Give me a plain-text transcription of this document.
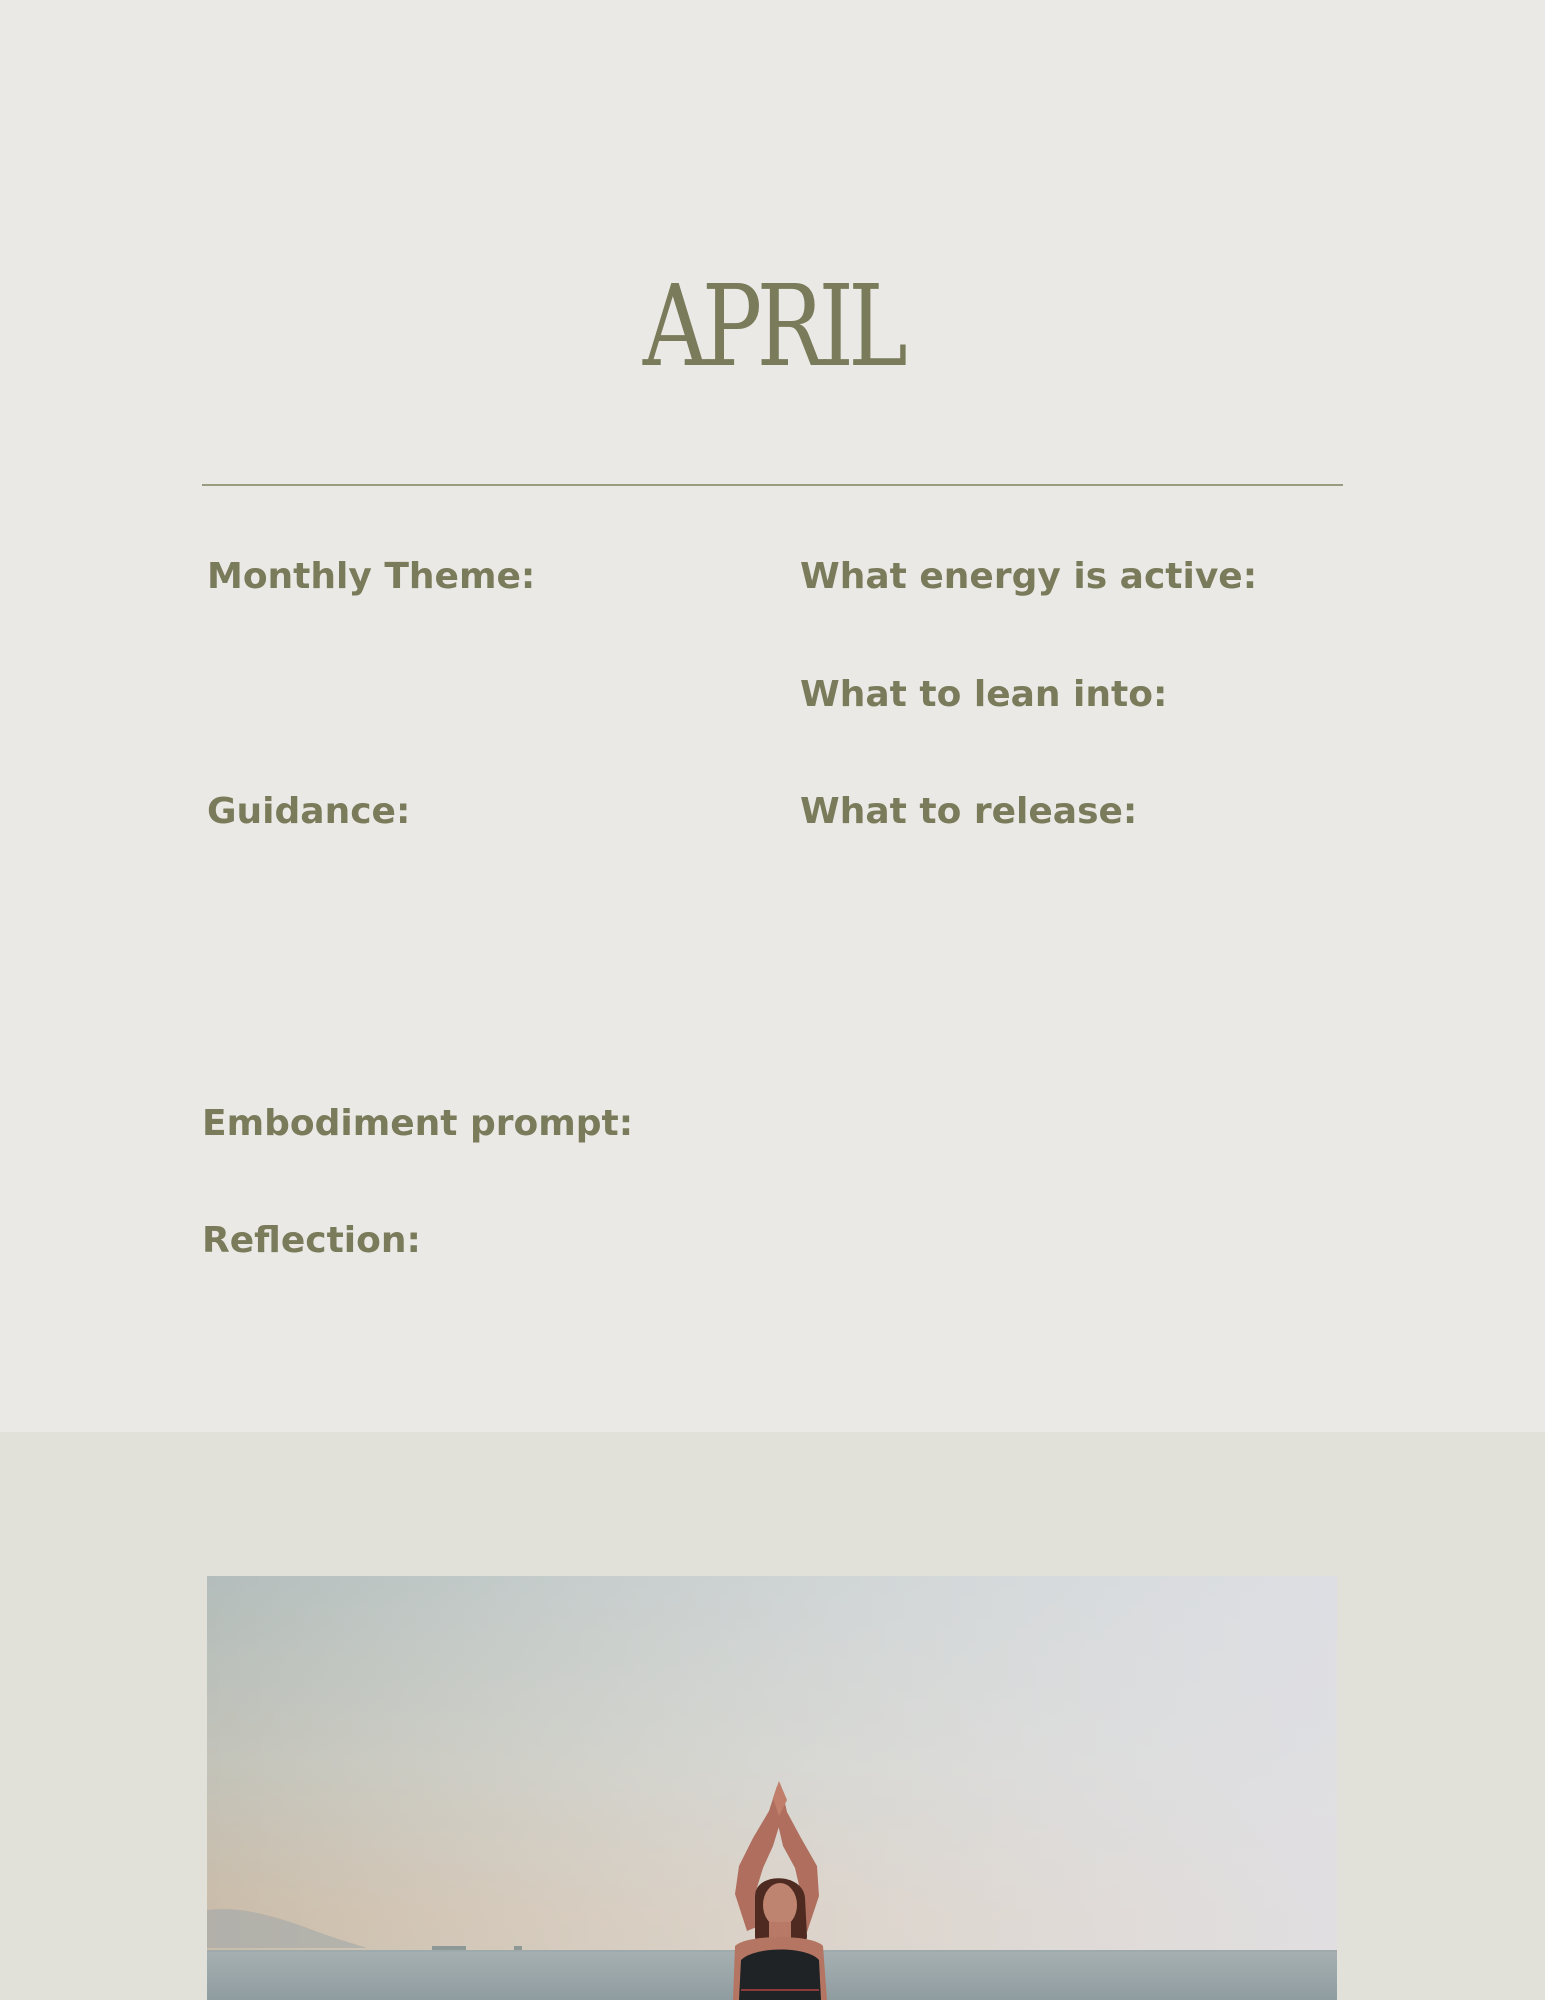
APRIL
Monthly Theme:	What energy is active:
What to lean into:
Guidance:	What to release:
Embodiment prompt:
Reflection:
